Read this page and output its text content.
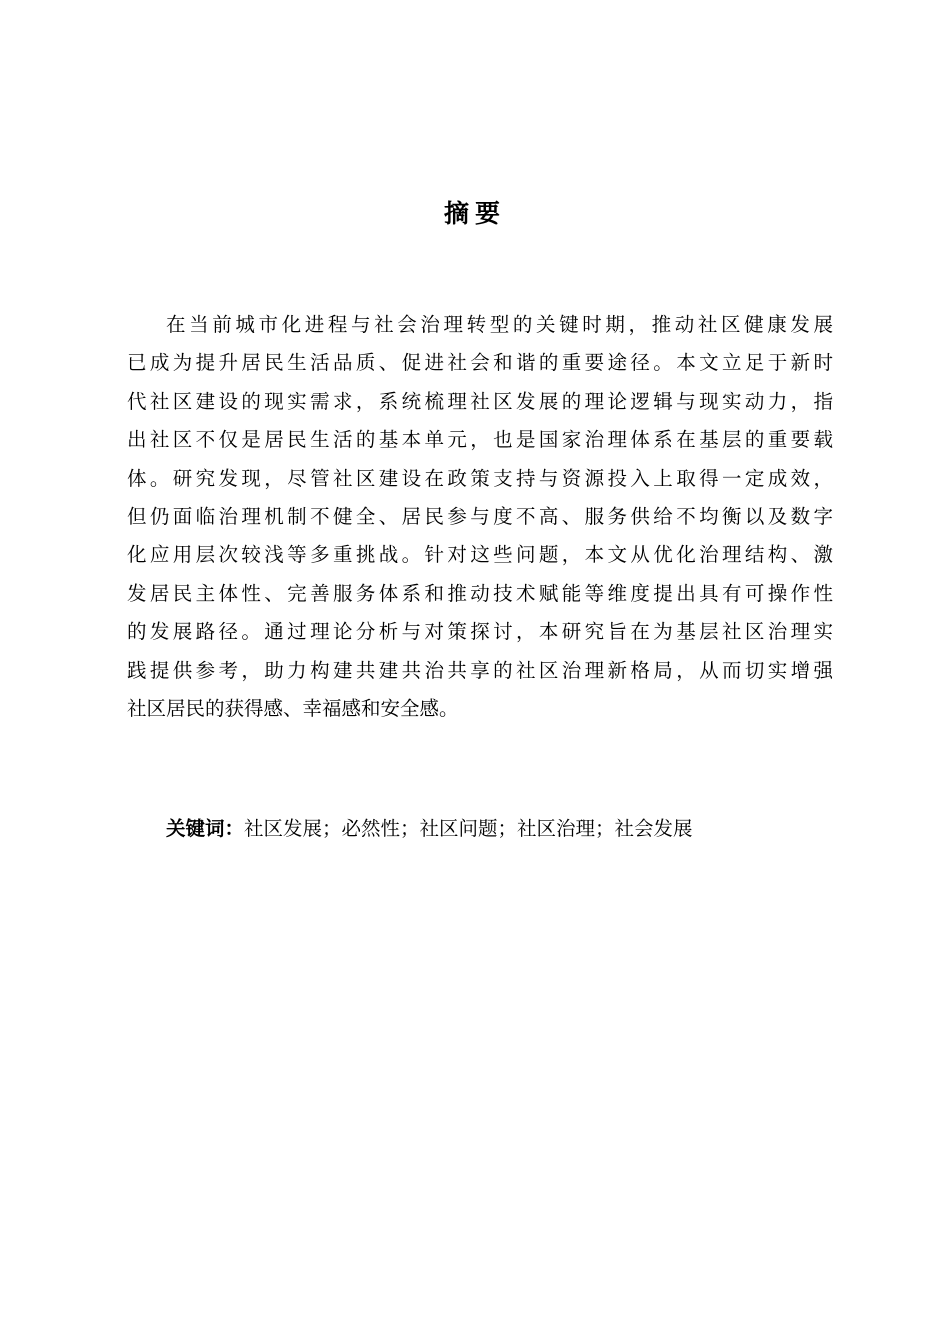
摘要
在当前城市化进程与社会治理转型的关键时期，推动社区健康发展
已成为提升居民生活品质、促进社会和谐的重要途径。本文立足于新时
代社区建设的现实需求，系统梳理社区发展的理论逻辑与现实动力，指
出社区不仅是居民生活的基本单元，也是国家治理体系在基层的重要载
体。研究发现，尽管社区建设在政策支持与资源投入上取得一定成效，
但仍面临治理机制不健全、居民参与度不高、服务供给不均衡以及数字
化应用层次较浅等多重挑战。针对这些问题，本文从优化治理结构、激
发居民主体性、完善服务体系和推动技术赋能等维度提出具有可操作性
的发展路径。通过理论分析与对策探讨，本研究旨在为基层社区治理实
践提供参考，助力构建共建共治共享的社区治理新格局，从而切实增强
社区居民的获得感、幸福感和安全感。
关键词：社区发展；必然性；社区问题；社区治理；社会发展
